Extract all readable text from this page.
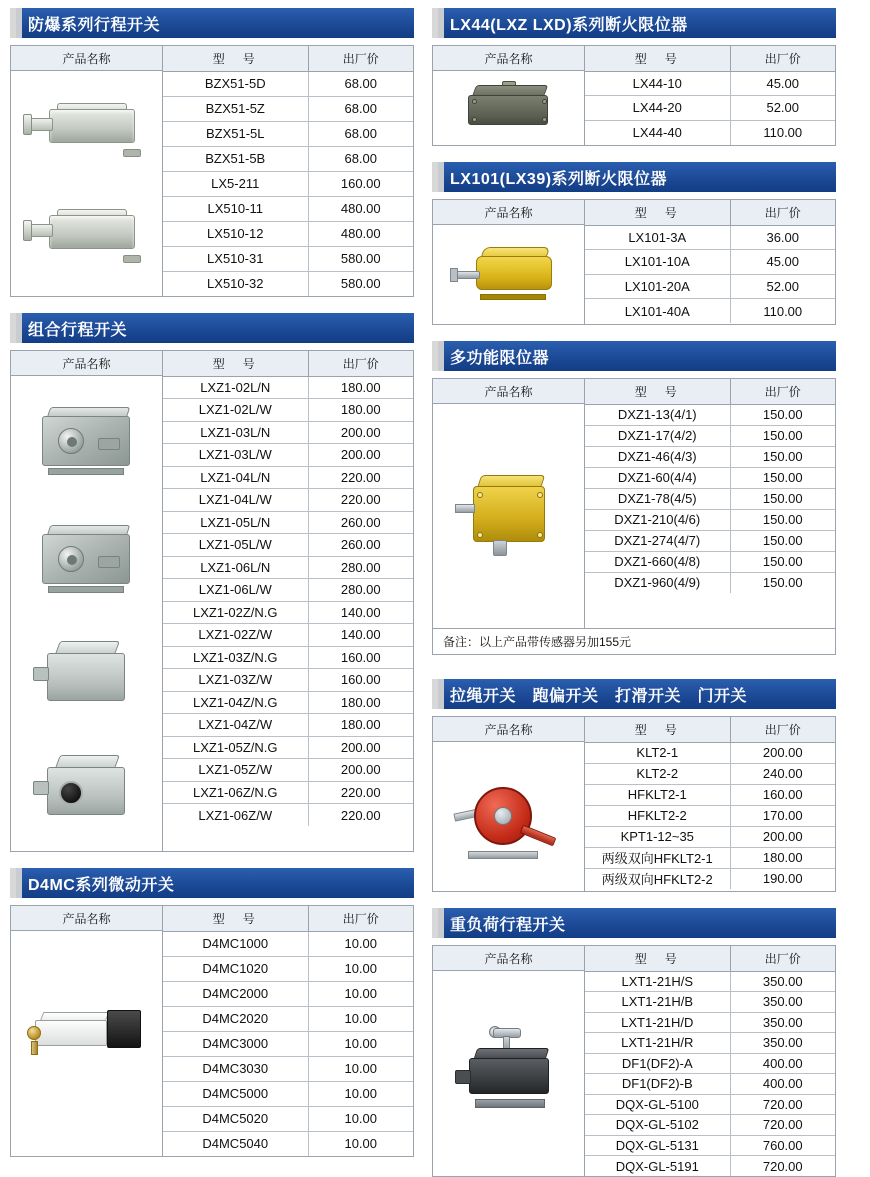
防爆系列行程开关
产品名称	型　号	出厂价
BZX51-5D	68.00
BZX51-5Z	68.00
BZX51-5L	68.00
BZX51-5B	68.00
LX5-211	160.00
LX510-11	480.00
LX510-12	480.00
LX510-31	580.00
LX510-32	580.00
组合行程开关
产品名称	型　号	出厂价
LXZ1-02L/N	180.00
LXZ1-02L/W	180.00
LXZ1-03L/N	200.00
LXZ1-03L/W	200.00
LXZ1-04L/N	220.00
LXZ1-04L/W	220.00
LXZ1-05L/N	260.00
LXZ1-05L/W	260.00
LXZ1-06L/N	280.00
LXZ1-06L/W	280.00
LXZ1-02Z/N.G	140.00
LXZ1-02Z/W	140.00
LXZ1-03Z/N.G	160.00
LXZ1-03Z/W	160.00
LXZ1-04Z/N.G	180.00
LXZ1-04Z/W	180.00
LXZ1-05Z/N.G	200.00
LXZ1-05Z/W	200.00
LXZ1-06Z/N.G	220.00
LXZ1-06Z/W	220.00
D4MC系列微动开关
产品名称	型　号	出厂价
D4MC1000	10.00
D4MC1020	10.00
D4MC2000	10.00
D4MC2020	10.00
D4MC3000	10.00
D4MC3030	10.00
D4MC5000	10.00
D4MC5020	10.00
D4MC5040	10.00
LX44(LXZ LXD)系列断火限位器
产品名称	型　号	出厂价
LX44-10	45.00
LX44-20	52.00
LX44-40	110.00
LX101(LX39)系列断火限位器
产品名称	型　号	出厂价
LX101-3A	36.00
LX101-10A	45.00
LX101-20A	52.00
LX101-40A	110.00
多功能限位器
产品名称	型　号	出厂价
DXZ1-13(4/1)	150.00
DXZ1-17(4/2)	150.00
DXZ1-46(4/3)	150.00
DXZ1-60(4/4)	150.00
DXZ1-78(4/5)	150.00
DXZ1-210(4/6)	150.00
DXZ1-274(4/7)	150.00
DXZ1-660(4/8)	150.00
DXZ1-960(4/9)	150.00
备注：以上产品带传感器另加155元
拉绳开关　跑偏开关　打滑开关　门开关
产品名称	型　号	出厂价
KLT2-1	200.00
KLT2-2	240.00
HFKLT2-1	160.00
HFKLT2-2	170.00
KPT1-12~35	200.00
两级双向HFKLT2-1	180.00
两级双向HFKLT2-2	190.00
重负荷行程开关
产品名称	型　号	出厂价
LXT1-21H/S	350.00
LXT1-21H/B	350.00
LXT1-21H/D	350.00
LXT1-21H/R	350.00
DF1(DF2)-A	400.00
DF1(DF2)-B	400.00
DQX-GL-5100	720.00
DQX-GL-5102	720.00
DQX-GL-5131	760.00
DQX-GL-5191	720.00
